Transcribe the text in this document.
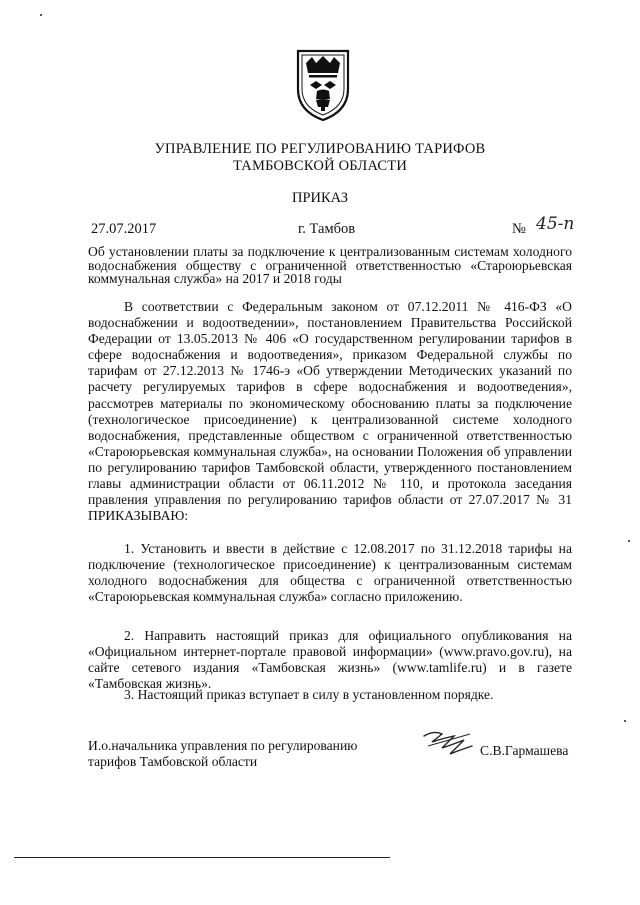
УПРАВЛЕНИЕ ПО РЕГУЛИРОВАНИЮ ТАРИФОВ
ТАМБОВСКОЙ ОБЛАСТИ
ПРИКАЗ
27.07.2017	г. Тамбов	№ 45-п
Об установлении платы за подключение к централизованным системам холодного водоснабжения обществу с ограниченной ответственностью «Староюрьевская коммунальная служба» на 2017 и 2018 годы
В соответствии с Федеральным законом от 07.12.2011 № 416-ФЗ «О водоснабжении и водоотведении», постановлением Правительства Российской Федерации от 13.05.2013 № 406 «О государственном регулировании тарифов в сфере водоснабжения и водоотведения», приказом Федеральной службы по тарифам от 27.12.2013 № 1746-э «Об утверждении Методических указаний по расчету регулируемых тарифов в сфере водоснабжения и водоотведения», рассмотрев материалы по экономическому обоснованию платы за подключение (технологическое присоединение) к централизованной системе холодного водоснабжения, представленные обществом с ограниченной ответственностью «Староюрьевская коммунальная служба», на основании Положения об управлении по регулированию тарифов Тамбовской области, утвержденного постановлением главы администрации области от 06.11.2012 № 110, и протокола заседания правления управления по регулированию тарифов области от 27.07.2017 № 31 ПРИКАЗЫВАЮ:
1. Установить и ввести в действие с 12.08.2017 по 31.12.2018 тарифы на подключение (технологическое присоединение) к централизованным системам холодного водоснабжения для общества с ограниченной ответственностью «Староюрьевская коммунальная служба» согласно приложению.
2. Направить настоящий приказ для официального опубликования на «Официальном интернет-портале правовой информации» (www.pravo.gov.ru), на сайте сетевого издания «Тамбовская жизнь» (www.tamlife.ru) и в газете «Тамбовская жизнь».
3. Настоящий приказ вступает в силу в установленном порядке.
И.о.начальника управления по регулированию
тарифов Тамбовской области
С.В.Гармашева
